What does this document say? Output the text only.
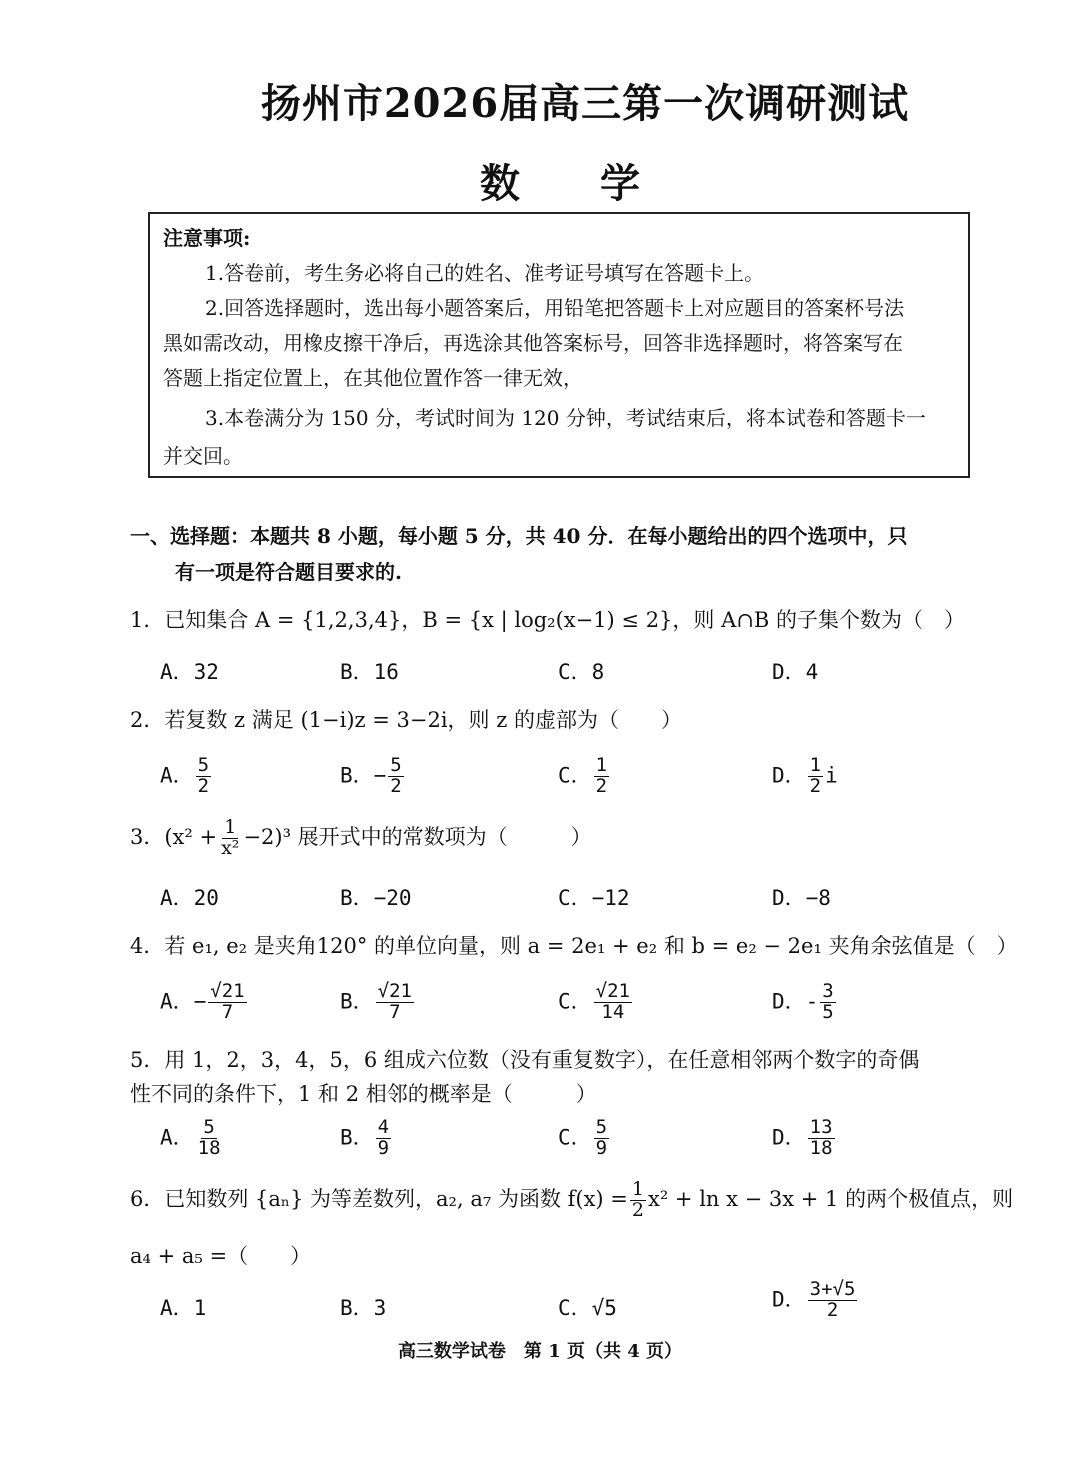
扬州市2026届高三第一次调研测试
数　　学
注意事项:
1.答卷前，考生务必将自己的姓名、准考证号填写在答题卡上。
2.回答选择题时，选出每小题答案后，用铅笔把答题卡上对应题目的答案杯号法
黑如需改动，用橡皮擦干净后，再选涂其他答案标号，回答非选择题时，将答案写在
答题上指定位置上，在其他位置作答一律无效，
3.本卷满分为 150 分，考试时间为 120 分钟，考试结束后，将本试卷和答题卡一
并交回。
一、选择题：本题共 8 小题，每小题 5 分，共 40 分．在每小题给出的四个选项中，只
有一项是符合题目要求的.
1．已知集合 A = {1,2,3,4}，B = {x | log₂(x−1) ≤ 2}，则 A∩B 的子集个数为（　）
A．32	B．16	C．8	D．4
2．若复数 z 满足 (1−i)z = 3−2i，则 z 的虚部为（　　）
A． $\frac{5}{2}$	B．− $\frac{5}{2}$	C． $\frac{1}{2}$	D． $\frac{1}{2}$ i
3．$(x^2 + \frac{1}{\text{x²}} -2)^3$ 展开式中的常数项为（　　　）
A．20	B．−20	C．−12	D．−8
4．若 e₁, e₂ 是夹角120° 的单位向量，则 a = 2e₁ + e₂ 和 b = e₂ − 2e₁ 夹角余弦值是（　）
A．− $\frac{√21}{7}$	B． $\frac{√21}{7}$	C． $\frac{√21}{14}$	D．- $\frac{3}{5}$
5．用 1，2，3，4，5，6 组成六位数（没有重复数字），在任意相邻两个数字的奇偶
性不同的条件下，1 和 2 相邻的概率是（　　　）
A． $\frac{5}{18}$	B． $\frac{4}{9}$	C． $\frac{5}{9}$	D． $\frac{13}{18}$
6．已知数列 {aₙ} 为等差数列，a₂, a₇ 为函数 $f(x) = \frac{1}{2} x^2 + \ln x - 3x + 1$ 的两个极值点，则
a₄ + a₅ =（　　）
A．1	B．3	C．√5	D． $\frac{3+√5}{2}$
高三数学试卷　第 1 页（共 4 页）
